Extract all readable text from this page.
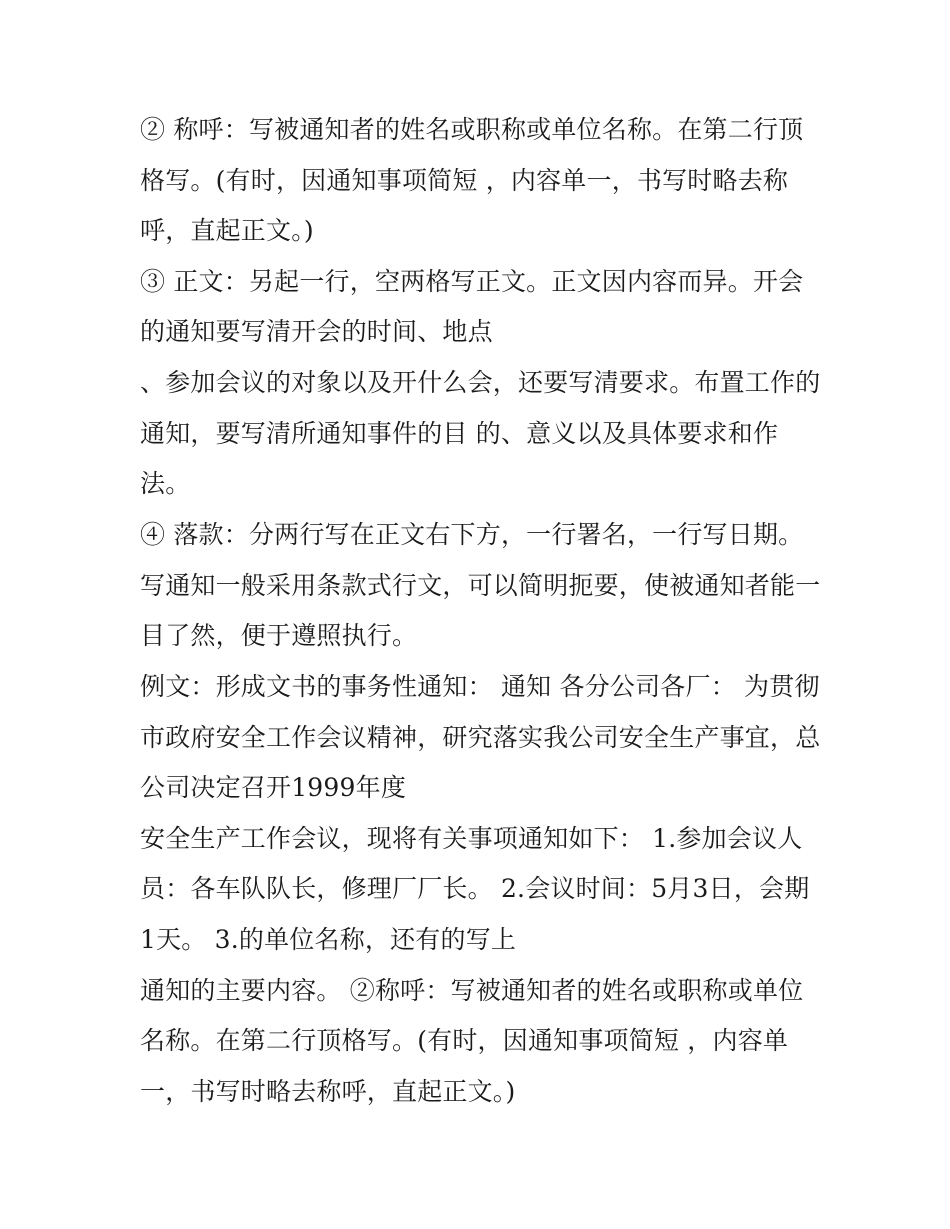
② 称呼：写被通知者的姓名或职称或单位名称。在第二行顶
格写。(有时，因通知事项简短 ，内容单一，书写时略去称
呼，直起正文。)
③ 正文：另起一行，空两格写正文。正文因内容而异。开会
的通知要写清开会的时间、地点
、参加会议的对象以及开什么会，还要写清要求。布置工作的
通知，要写清所通知事件的目 的、意义以及具体要求和作
法。
④ 落款：分两行写在正文右下方，一行署名，一行写日期。
写通知一般采用条款式行文，可以简明扼要，使被通知者能一
目了然，便于遵照执行。
例文：形成文书的事务性通知： 通知 各分公司各厂： 为贯彻
市政府安全工作会议精神，研究落实我公司安全生产事宜，总
公司决定召开1999年度
安全生产工作会议，现将有关事项通知如下： 1.参加会议人
员：各车队队长，修理厂厂长。 2.会议时间：5月3日，会期
1天。 3.的单位名称，还有的写上
通知的主要内容。 ②称呼：写被通知者的姓名或职称或单位
名称。在第二行顶格写。(有时，因通知事项简短 ，内容单
一，书写时略去称呼，直起正文。)
